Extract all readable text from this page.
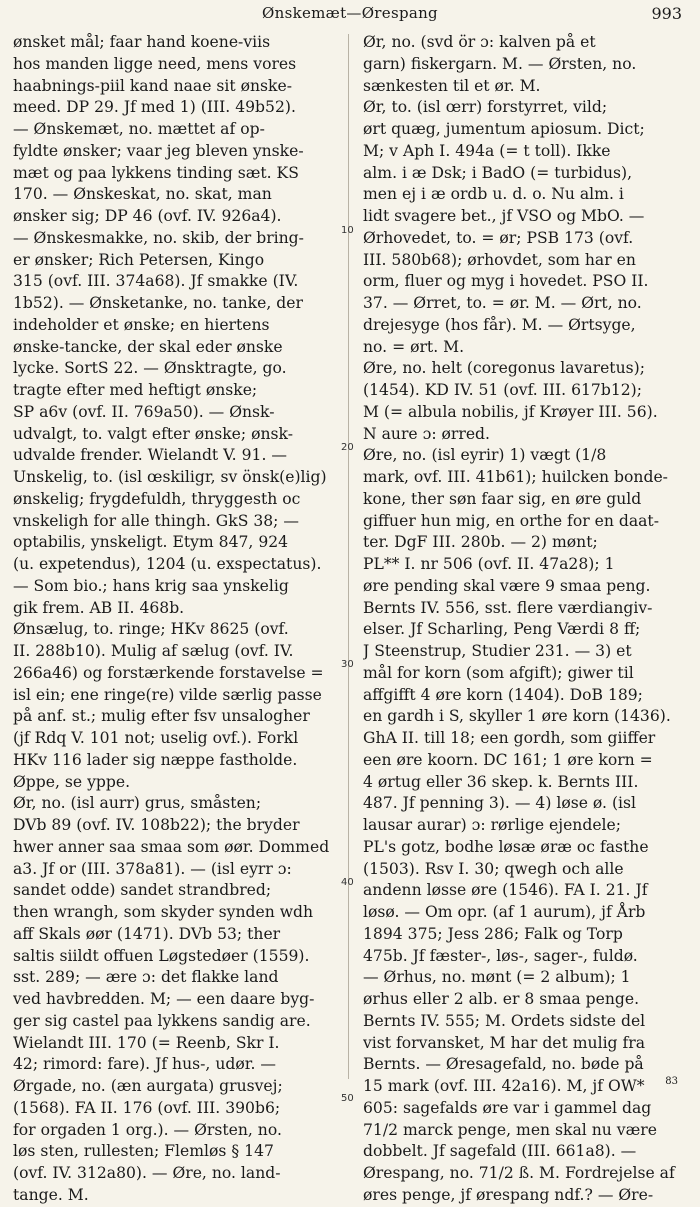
Ønskemæt—Ørespang	993
ønsket mål; faar hand koene-viis
hos manden ligge need, mens vores
haabnings-piil kand naae sit ønske-
meed. DP 29. Jf med 1) (III. 49b52).
— Ønskemæt, no. mættet af op-
fyldte ønsker; vaar jeg bleven ynske-
mæt og paa lykkens tinding sæt. KS
170. — Ønskeskat, no. skat, man
ønsker sig; DP 46 (ovf. IV. 926a4).
— Ønskesmakke, no. skib, der bring-
er ønsker; Rich Petersen, Kingo
315 (ovf. III. 374a68). Jf smakke (IV.
1b52). — Ønsketanke, no. tanke, der
indeholder et ønske; en hiertens
ønske-tancke, der skal eder ønske
lycke. SortS 22. — Ønsktragte, go.
tragte efter med heftigt ønske;
SP a6v (ovf. II. 769a50). — Ønsk-
udvalgt, to. valgt efter ønske; ønsk-
udvalde frender. Wielandt V. 91. —
Unskelig, to. (isl œskiligr, sv önsk(e)lig)
ønskelig; frygdefuldh, thryggesth oc
vnskeligh for alle thingh. GkS 38; —
optabilis, ynskeligt. Etym 847, 924
(u. expetendus), 1204 (u. exspectatus).
— Som bio.; hans krig saa ynskelig
gik frem. AB II. 468b.
Ønsælug, to. ringe; HKv 8625 (ovf.
II. 288b10). Mulig af sælug (ovf. IV.
266a46) og forstærkende forstavelse =
isl ein; ene ringe(re) vilde særlig passe
på anf. st.; mulig efter fsv unsalogher
(jf Rdq V. 101 not; uselig ovf.). Forkl
HKv 116 lader sig næppe fastholde.
Øppe, se yppe.
Ør, no. (isl aurr) grus, småsten;
DVb 89 (ovf. IV. 108b22); the bryder
hwer anner saa smaa som øør. Dommed
a3. Jf or (III. 378a81). — (isl eyrr ɔ:
sandet odde) sandet strandbred;
then wrangh, som skyder synden wdh
aff Skals øør (1471). DVb 53; ther
saltis siildt offuen Løgstedøer (1559).
sst. 289; — ære ɔ: det flakke land
ved havbredden. M; — een daare byg-
ger sig castel paa lykkens sandig are.
Wielandt III. 170 (= Reenb, Skr I.
42; rimord: fare). Jf hus-, udør. —
Ørgade, no. (æn aurgata) grusvej;
(1568). FA II. 176 (ovf. III. 390b6;
for orgaden 1 org.). — Ørsten, no.
løs sten, rullesten; Flemløs § 147
(ovf. IV. 312a80). — Øre, no. land-
tange. M.
Ør, no. (svd ör ɔ: kalven på et
garn) fiskergarn. M. — Ørsten, no.
sænkesten til et ør. M.
Ør, to. (isl œrr) forstyrret, vild;
ørt quæg, jumentum apiosum. Dict;
M; v Aph I. 494a (= t toll). Ikke
alm. i æ Dsk; i BadO (= turbidus),
men ej i æ ordb u. d. o. Nu alm. i
lidt svagere bet., jf VSO og MbO. —
Ørhovedet, to. = ør; PSB 173 (ovf.
III. 580b68); ørhovdet, som har en
orm, fluer og myg i hovedet. PSO II.
37. — Ørret, to. = ør. M. — Ørt, no.
drejesyge (hos får). M. — Ørtsyge,
no. = ørt. M.
Øre, no. helt (coregonus lavaretus);
(1454). KD IV. 51 (ovf. III. 617b12);
M (= albula nobilis, jf Krøyer III. 56).
N aure ɔ: ørred.
Øre, no. (isl eyrir) 1) vægt (1/8
mark, ovf. III. 41b61); huilcken bonde-
kone, ther søn faar sig, en øre guld
giffuer hun mig, en orthe for en daat-
ter. DgF III. 280b. — 2) mønt;
PL** I. nr 506 (ovf. II. 47a28); 1
øre pending skal være 9 smaa peng.
Bernts IV. 556, sst. flere værdiangiv-
elser. Jf Scharling, Peng Værdi 8 ff;
J Steenstrup, Studier 231. — 3) et
mål for korn (som afgift); giwer til
affgifft 4 øre korn (1404). DoB 189;
en gardh i S, skyller 1 øre korn (1436).
GhA II. till 18; een gordh, som giiffer
een øre koorn. DC 161; 1 øre korn =
4 ørtug eller 36 skep. k. Bernts III.
487. Jf penning 3). — 4) løse ø. (isl
lausar aurar) ɔ: rørlige ejendele;
PL's gotz, bodhe løsæ øræ oc fasthe
(1503). Rsv I. 30; qwegh och alle
andenn løsse øre (1546). FA I. 21. Jf
løsø. — Om opr. (af 1 aurum), jf Årb
1894 375; Jess 286; Falk og Torp
475b. Jf fæster-, løs-, sager-, fuldø.
— Ørhus, no. mønt (= 2 album); 1
ørhus eller 2 alb. er 8 smaa penge.
Bernts IV. 555; M. Ordets sidste del
vist forvansket, M har det mulig fra
Bernts. — Øresagefald, no. bøde på
15 mark (ovf. III. 42a16). M, jf OW*
605: sagefalds øre var i gammel dag
71/2 marck penge, men skal nu være
dobbelt. Jf sagefald (III. 661a8). —
Ørespang, no. 71/2 ß. M. Fordrejelse af
øres penge, jf ørespang ndf.? — Øre-
10
20
30
40
50
83
